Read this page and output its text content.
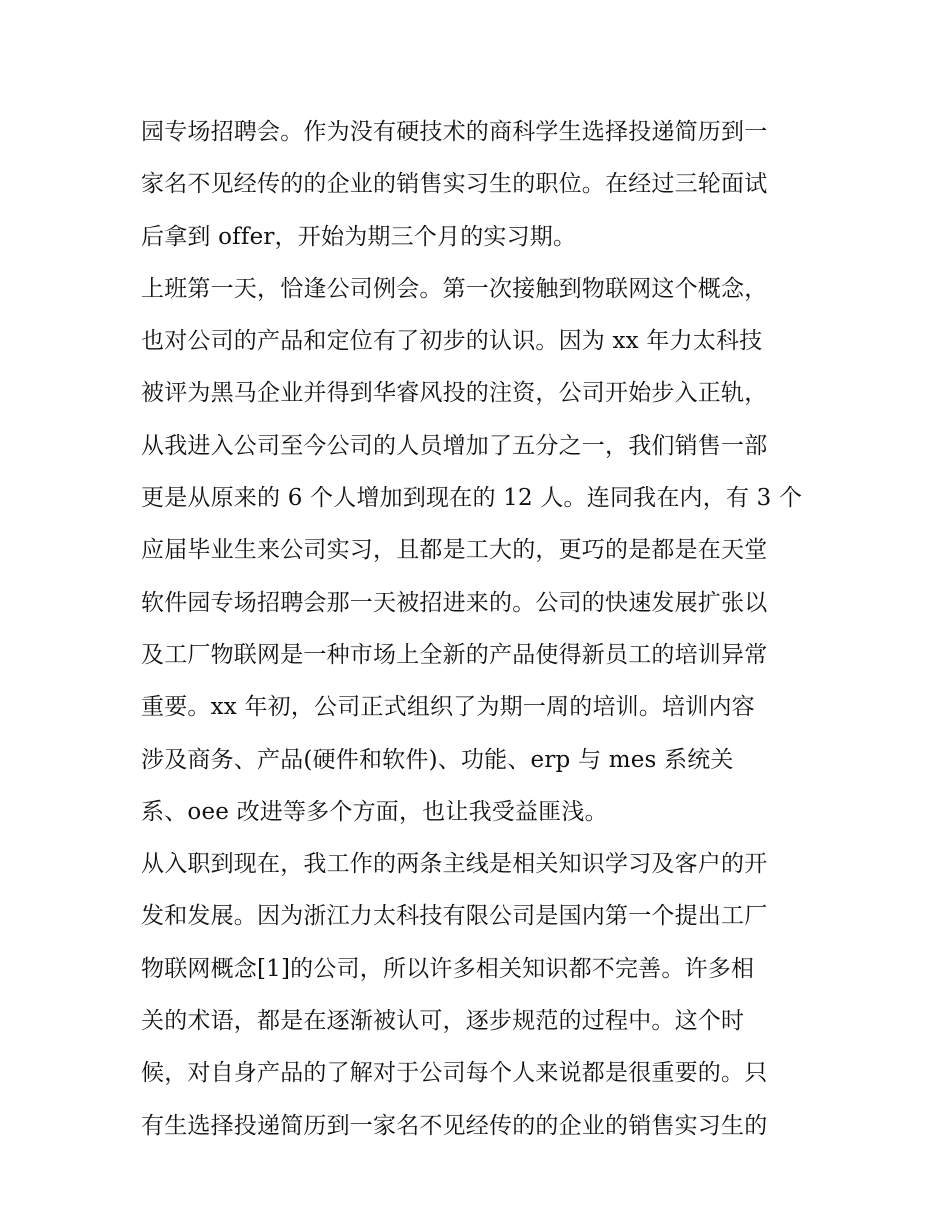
园专场招聘会。作为没有硬技术的商科学生选择投递简历到一
家名不见经传的的企业的销售实习生的职位。在经过三轮面试
后拿到 offer，开始为期三个月的实习期。
上班第一天，恰逢公司例会。第一次接触到物联网这个概念，
也对公司的产品和定位有了初步的认识。因为 xx 年力太科技
被评为黑马企业并得到华睿风投的注资，公司开始步入正轨，
从我进入公司至今公司的人员增加了五分之一，我们销售一部
更是从原来的 6 个人增加到现在的 12 人。连同我在内，有 3 个
应届毕业生来公司实习，且都是工大的，更巧的是都是在天堂
软件园专场招聘会那一天被招进来的。公司的快速发展扩张以
及工厂物联网是一种市场上全新的产品使得新员工的培训异常
重要。xx 年初，公司正式组织了为期一周的培训。培训内容
涉及商务、产品(硬件和软件)、功能、erp 与 mes 系统关
系、oee 改进等多个方面，也让我受益匪浅。
从入职到现在，我工作的两条主线是相关知识学习及客户的开
发和发展。因为浙江力太科技有限公司是国内第一个提出工厂
物联网概念[1]的公司，所以许多相关知识都不完善。许多相
关的术语，都是在逐渐被认可，逐步规范的过程中。这个时
候，对自身产品的了解对于公司每个人来说都是很重要的。只
有生选择投递简历到一家名不见经传的的企业的销售实习生的
